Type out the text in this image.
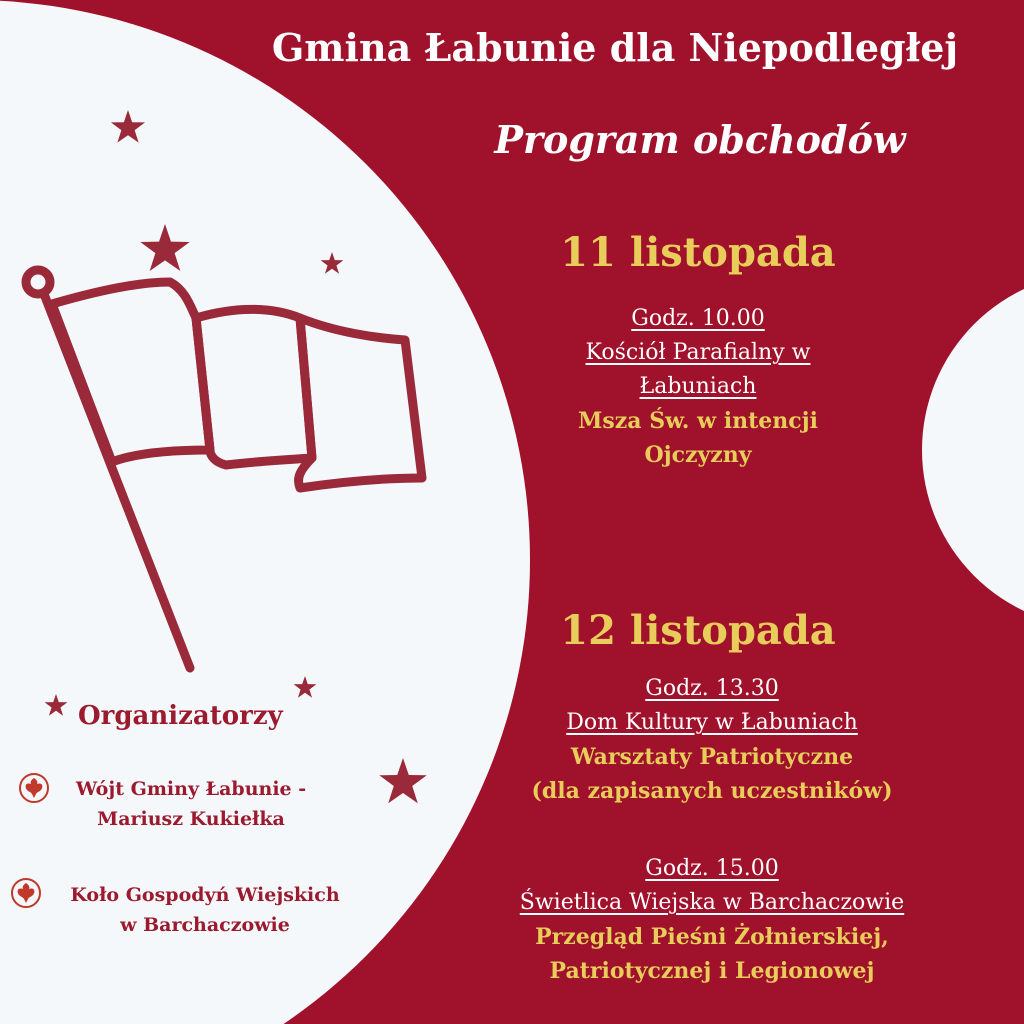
Gmina Łabunie dla Niepodległej
Program obchodów
11 listopada
Godz. 10.00
Kościół Parafialny w
Łabuniach
Msza Św. w intencji
Ojczyzny
12 listopada
Godz. 13.30
Dom Kultury w Łabuniach
Warsztaty Patriotyczne
(dla zapisanych uczestników)
Godz. 15.00
Świetlica Wiejska w Barchaczowie
Przegląd Pieśni Żołnierskiej,
Patriotycznej i Legionowej
Organizatorzy
Wójt Gminy Łabunie -
Mariusz Kukiełka
Koło Gospodyń Wiejskich
w Barchaczowie
